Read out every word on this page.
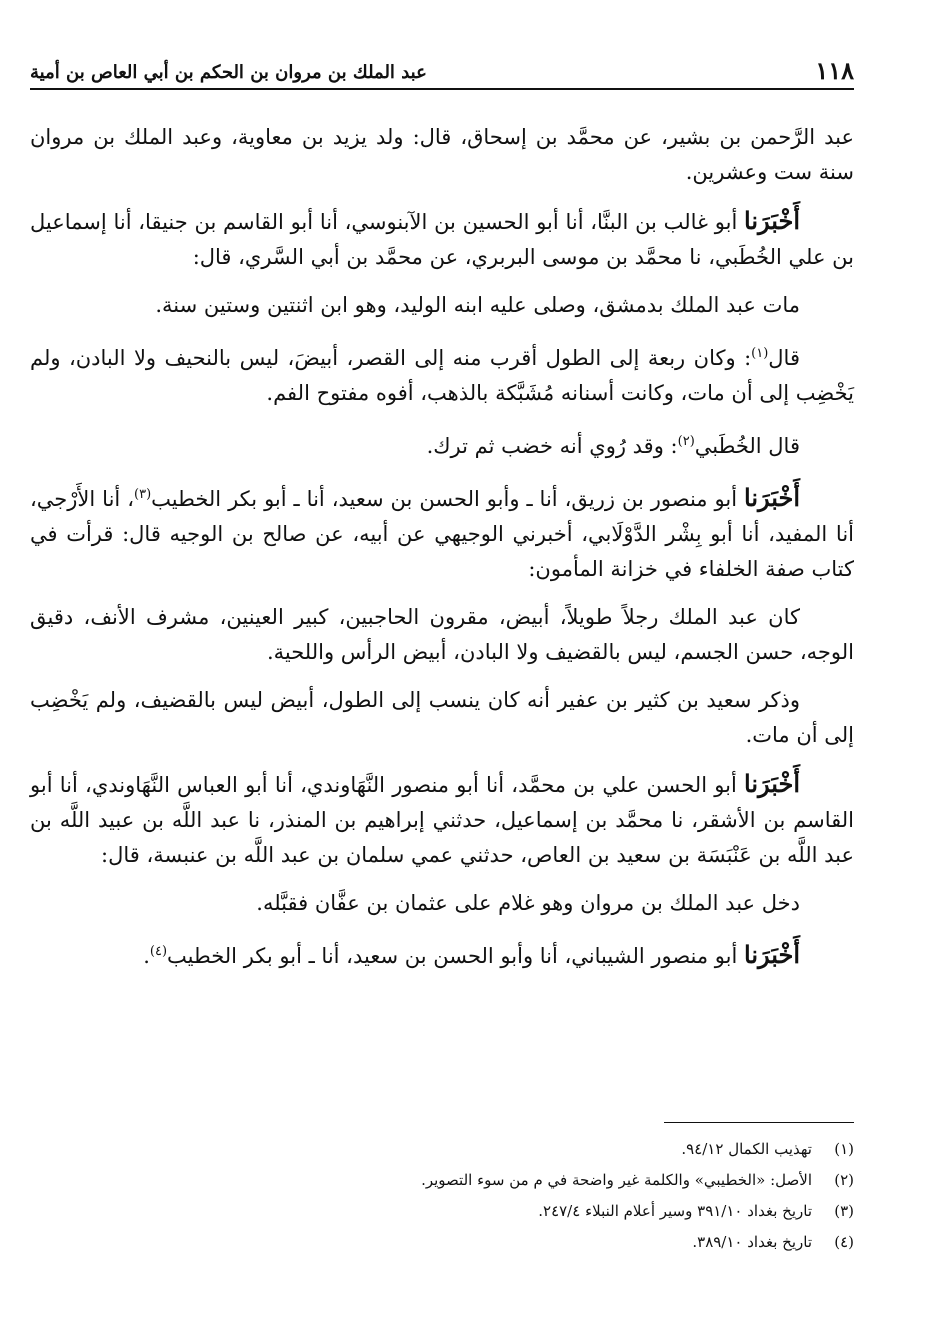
١١٨
عبد الملك بن مروان بن الحكم بن أبي العاص بن أمية

عبد الرَّحمن بن بشير، عن محمَّد بن إسحاق، قال: ولد يزيد بن معاوية، وعبد الملك بن مروان سنة ست وعشرين.

أَخْبَرَنا أبو غالب بن البنَّا، أنا أبو الحسين بن الآبنوسي، أنا أبو القاسم بن جنيقا، أنا إسماعيل بن علي الخُطَبي، نا محمَّد بن موسى البربري، عن محمَّد بن أبي السَّري، قال:

مات عبد الملك بدمشق، وصلى عليه ابنه الوليد، وهو ابن اثنتين وستين سنة.

قال$^{(١)}$: وكان ربعة إلى الطول أقرب منه إلى القصر، أبيضَ، ليس بالنحيف ولا البادن، ولم يَخْضِب إلى أن مات، وكانت أسنانه مُشَبَّكة بالذهب، أفوه مفتوح الفم.

قال الخُطَبي$^{(٢)}$: وقد رُوي أنه خضب ثم ترك.

أَخْبَرَنا أبو منصور بن زريق، أنا ـ وأبو الحسن بن سعيد، أنا ـ أبو بكر الخطيب$^{(٣)}$، أنا الأَرْجي، أنا المفيد، أنا أبو بِشْر الدَّوْلَابي، أخبرني الوجيهي عن أبيه، عن صالح بن الوجيه قال: قرأت في كتاب صفة الخلفاء في خزانة المأمون:

كان عبد الملك رجلاً طويلاً، أبيض، مقرون الحاجبين، كبير العينين، مشرف الأنف، دقيق الوجه، حسن الجسم، ليس بالقضيف ولا البادن، أبيض الرأس واللحية.

وذكر سعيد بن كثير بن عفير أنه كان ينسب إلى الطول، أبيض ليس بالقضيف، ولم يَخْضِب إلى أن مات.

أَخْبَرَنا أبو الحسن علي بن محمَّد، أنا أبو منصور النَّهَاوندي، أنا أبو العباس النَّهَاوندي، أنا أبو القاسم بن الأشقر، نا محمَّد بن إسماعيل، حدثني إبراهيم بن المنذر، نا عبد اللَّه بن عبيد اللَّه بن عبد اللَّه بن عَنْبَسَة بن سعيد بن العاص، حدثني عمي سلمان بن عبد اللَّه بن عنبسة، قال:

دخل عبد الملك بن مروان وهو غلام على عثمان بن عفَّان فقبَّله.

أَخْبَرَنا أبو منصور الشيباني، أنا وأبو الحسن بن سعيد، أنا ـ أبو بكر الخطيب$^{(٤)}$.

(١)تهذيب الكمال ٩٤/١٢.
(٢)الأصل: «الخطيبي» والكلمة غير واضحة في م من سوء التصوير.
(٣)تاريخ بغداد ٣٩١/١٠ وسير أعلام النبلاء ٢٤٧/٤.
(٤)تاريخ بغداد ٣٨٩/١٠.
